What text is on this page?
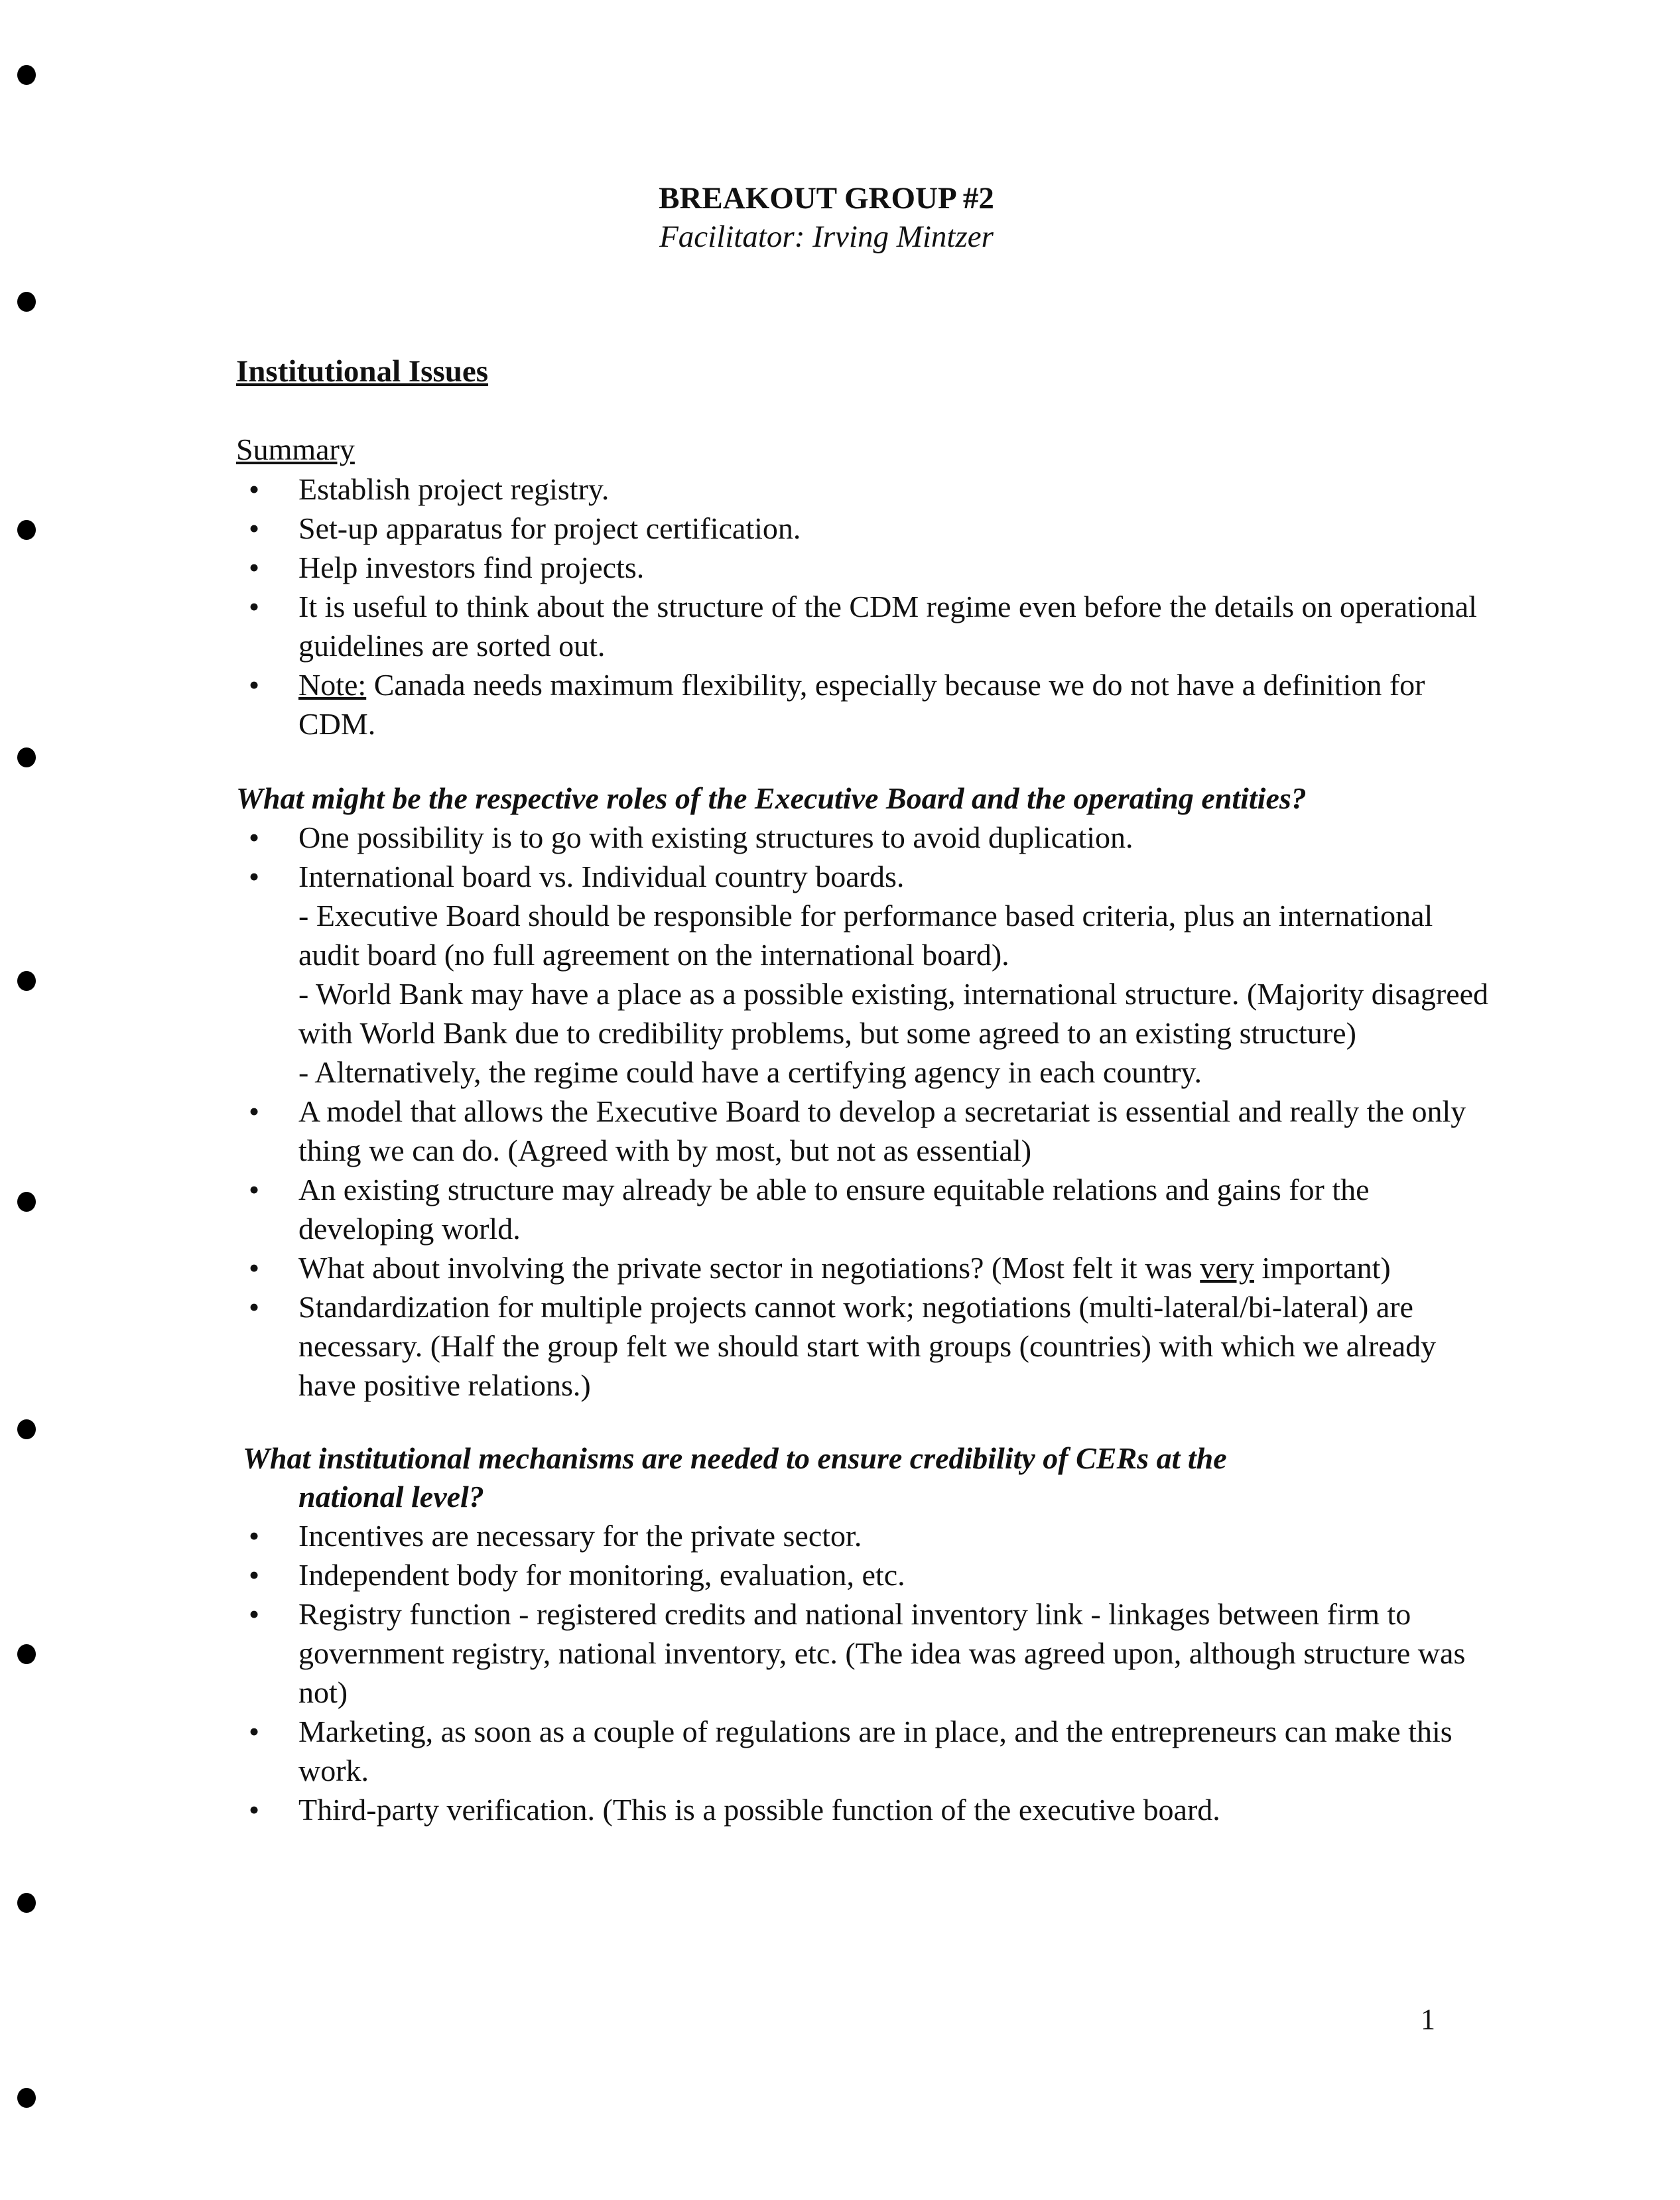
BREAKOUT GROUP #2
Facilitator: Irving Mintzer
Institutional Issues
Summary
• Establish project registry.
• Set-up apparatus for project certification.
• Help investors find projects.
• It is useful to think about the structure of the CDM regime even before the details on operational guidelines are sorted out.
• Note: Canada needs maximum flexibility, especially because we do not have a definition for CDM.
What might be the respective roles of the Executive Board and the operating entities?
• One possibility is to go with existing structures to avoid duplication.
• International board vs. Individual country boards.
- Executive Board should be responsible for performance based criteria, plus an international audit board (no full agreement on the international board).
- World Bank may have a place as a possible existing, international structure. (Majority disagreed with World Bank due to credibility problems, but some agreed to an existing structure)
- Alternatively, the regime could have a certifying agency in each country.
• A model that allows the Executive Board to develop a secretariat is essential and really the only thing we can do. (Agreed with by most, but not as essential)
• An existing structure may already be able to ensure equitable relations and gains for the developing world.
• What about involving the private sector in negotiations? (Most felt it was very important)
• Standardization for multiple projects cannot work; negotiations (multi-lateral/bi-lateral) are necessary. (Half the group felt we should start with groups (countries) with which we already have positive relations.)
What institutional mechanisms are needed to ensure credibility of CERs at the
national level?
• Incentives are necessary for the private sector.
• Independent body for monitoring, evaluation, etc.
• Registry function - registered credits and national inventory link - linkages between firm to government registry, national inventory, etc. (The idea was agreed upon, although structure was not)
• Marketing, as soon as a couple of regulations are in place, and the entrepreneurs can make this work.
• Third-party verification. (This is a possible function of the executive board.
1
